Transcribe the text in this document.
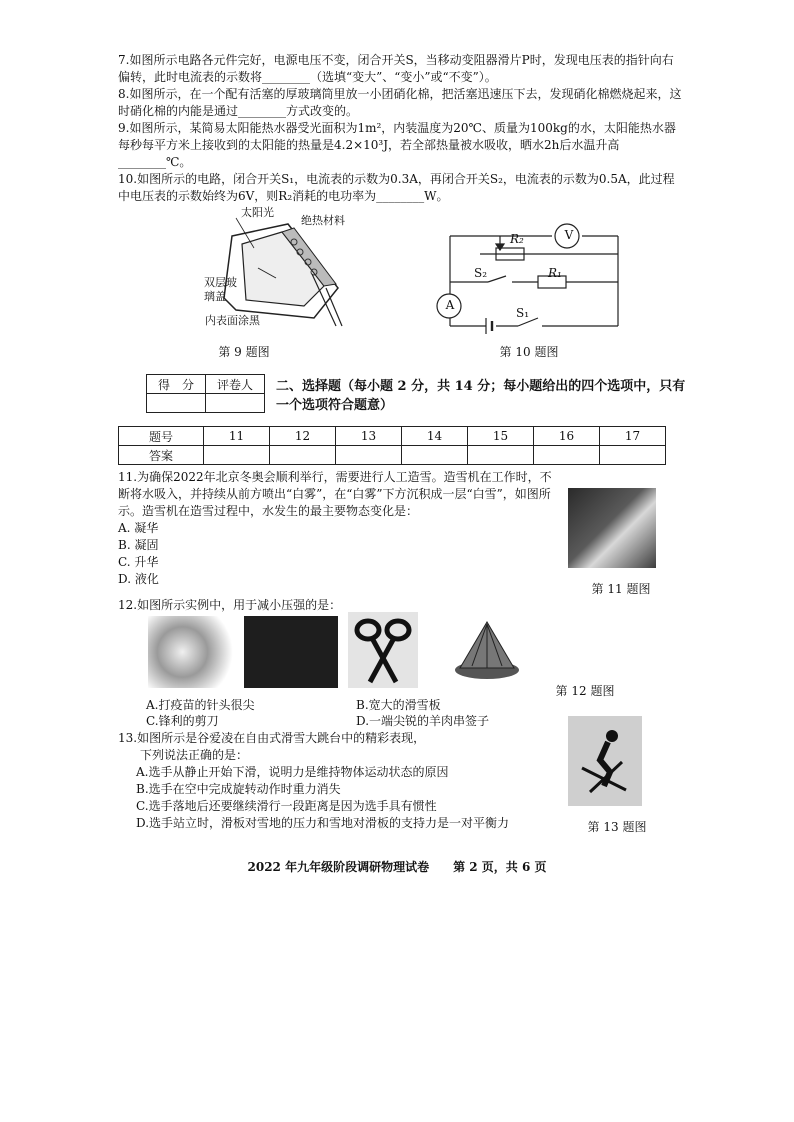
7.如图所示电路各元件完好，电源电压不变，闭合开关S，当移动变阻器滑片P时，发现电压表的指针向右偏转，此时电流表的示数将________（选填“变大”、“变小”或“不变”）。

8.如图所示，在一个配有活塞的厚玻璃筒里放一小团硝化棉，把活塞迅速压下去，发现硝化棉燃烧起来，这时硝化棉的内能是通过________方式改变的。

9.如图所示，某简易太阳能热水器受光面积为1m²，内装温度为20℃、质量为100kg的水，太阳能热水器每秒每平方米上接收到的太阳能的热量是4.2×10³J，若全部热量被水吸收，晒水2h后水温升高________℃。

10.如图所示的电路，闭合开关S₁，电流表的示数为0.3A，再闭合开关S₂，电流表的示数为0.5A，此过程中电压表的示数始终为6V，则R₂消耗的电功率为________W。

太阳光
绝热材料
双层玻璃盖
内表面涂黑
第 9 题图
R₂
R₁
S₂
S₁
V
A
第 10 题图
得　分	评卷人
	二、选择题（每小题 2 分，共 14 分；每小题给出的四个选项中，只有一个选项符合题意）
题号	11	12	13	14	15	16	17
答案							

11.为确保2022年北京冬奥会顺利举行，需要进行人工造雪。造雪机在工作时，不断将水吸入，并持续从前方喷出“白雾”，在“白雾”下方沉积成一层“白雪”，如图所示。造雪机在造雪过程中，水发生的最主要物态变化是：

A. 凝华

B. 凝固

C. 升华

D. 液化

第 11 题图
12.如图所示实例中，用于减小压强的是：
第 12 题图
A.打疫苗的针头很尖	B.宽大的滑雪板
C.锋利的剪刀	D.一端尖锐的羊肉串签子

13.如图所示是谷爱凌在自由式滑雪大跳台中的精彩表现，

下列说法正确的是：

A.选手从静止开始下滑，说明力是维持物体运动状态的原因

B.选手在空中完成旋转动作时重力消失

C.选手落地后还要继续滑行一段距离是因为选手具有惯性

D.选手站立时，滑板对雪地的压力和雪地对滑板的支持力是一对平衡力	第 13 题图
2022 年九年级阶段调研物理试卷　　第 2 页，共 6 页
